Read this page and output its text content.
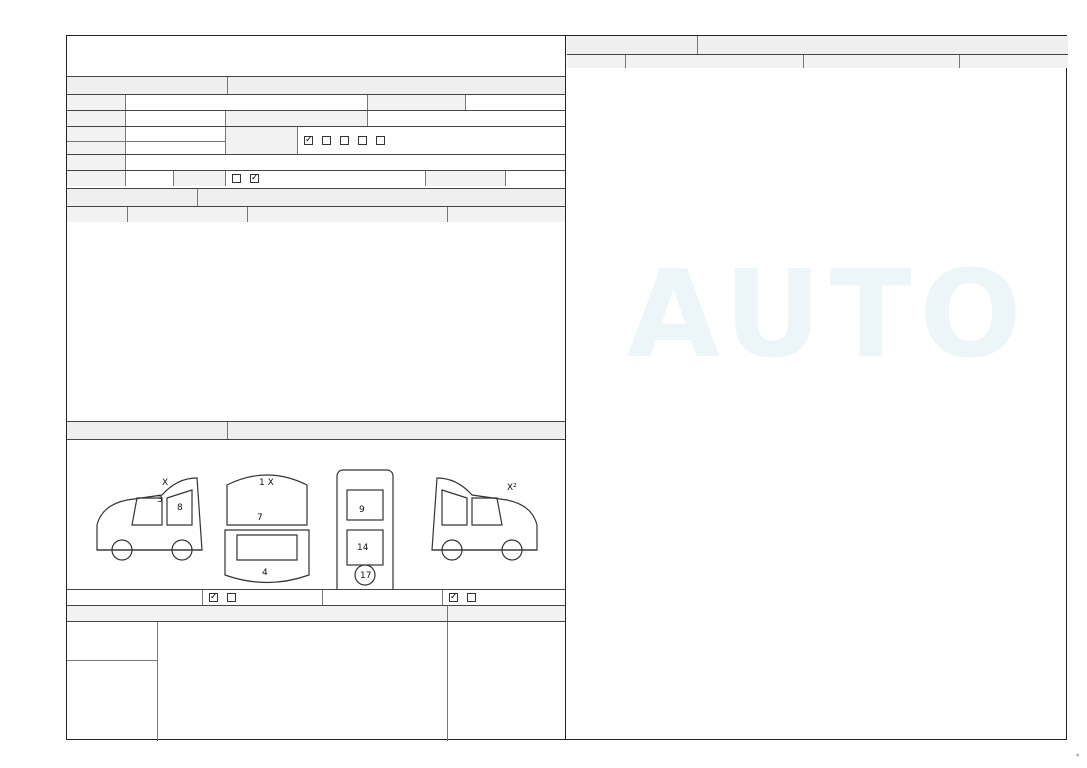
AUTO
✓
✓
1 X
7
4
9
14
17
3
8
X²
X
✓
✓
•
